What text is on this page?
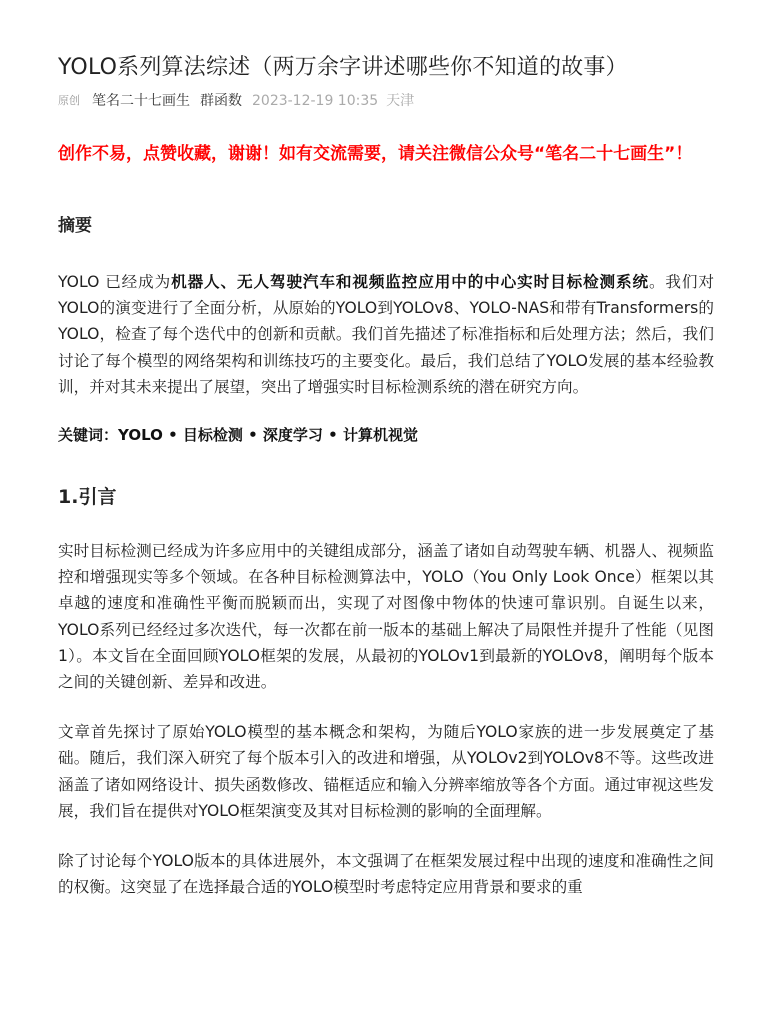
YOLO系列算法综述（两万余字讲述哪些你不知道的故事）
原创 笔名二十七画生 群函数 2023-12-19 10:35 天津
创作不易，点赞收藏，谢谢！如有交流需要，请关注微信公众号“笔名二十七画生”！
摘要
YOLO 已经成为机器人、无人驾驶汽车和视频监控应用中的中心实时目标检测系统。我们对YOLO的演变进行了全面分析，从原始的YOLO到YOLOv8、YOLO-NAS和带有Transformers的YOLO，检查了每个迭代中的创新和贡献。我们首先描述了标准指标和后处理方法；然后，我们讨论了每个模型的网络架构和训练技巧的主要变化。最后，我们总结了YOLO发展的基本经验教训，并对其未来提出了展望，突出了增强实时目标检测系统的潜在研究方向。
关键词：YOLO • 目标检测 • 深度学习 • 计算机视觉
1.引言
实时目标检测已经成为许多应用中的关键组成部分，涵盖了诸如自动驾驶车辆、机器人、视频监控和增强现实等多个领域。在各种目标检测算法中，YOLO（You Only Look Once）框架以其卓越的速度和准确性平衡而脱颖而出，实现了对图像中物体的快速可靠识别。自诞生以来，YOLO系列已经经过多次迭代，每一次都在前一版本的基础上解决了局限性并提升了性能（见图1）。本文旨在全面回顾YOLO框架的发展，从最初的YOLOv1到最新的YOLOv8，阐明每个版本之间的关键创新、差异和改进。
文章首先探讨了原始YOLO模型的基本概念和架构，为随后YOLO家族的进一步发展奠定了基础。随后，我们深入研究了每个版本引入的改进和增强，从YOLOv2到YOLOv8不等。这些改进涵盖了诸如网络设计、损失函数修改、锚框适应和输入分辨率缩放等各个方面。通过审视这些发展，我们旨在提供对YOLO框架演变及其对目标检测的影响的全面理解。
除了讨论每个YOLO版本的具体进展外，本文强调了在框架发展过程中出现的速度和准确性之间的权衡。这突显了在选择最合适的YOLO模型时考虑特定应用背景和要求的重
